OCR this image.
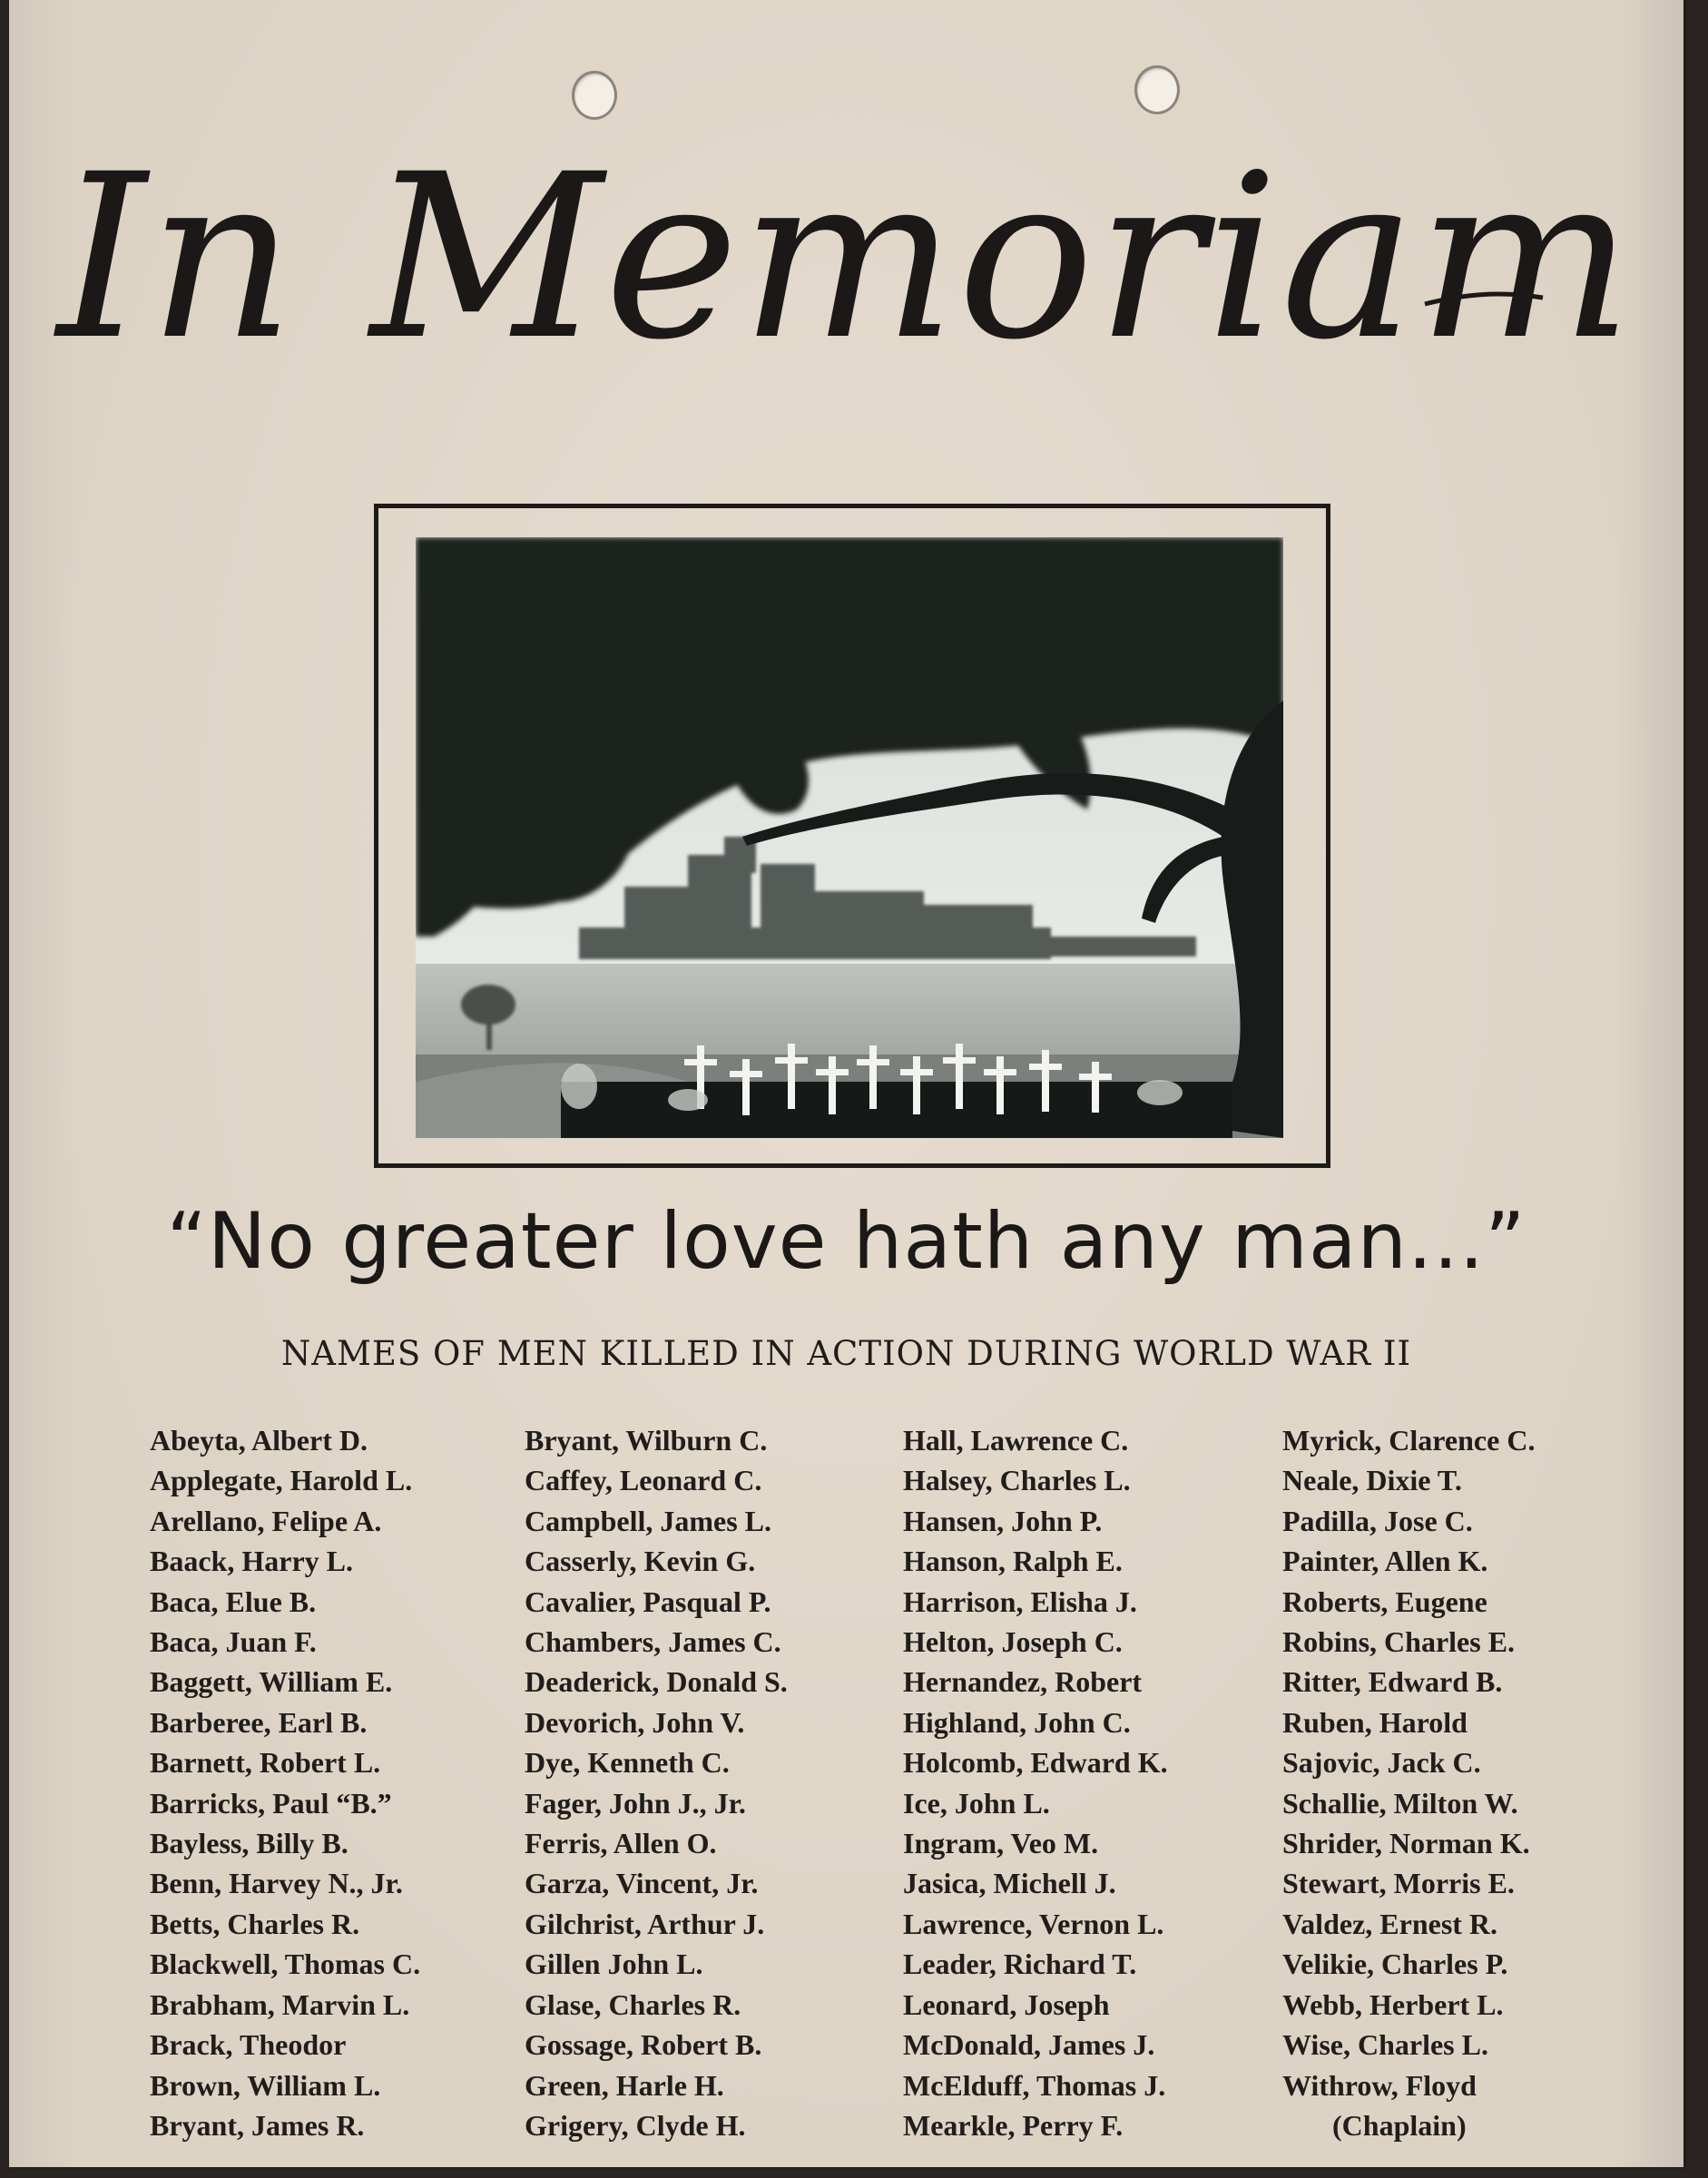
In Memoriam
“No greater love hath any man...”
NAMES OF MEN KILLED IN ACTION DURING WORLD WAR II
Abeyta, Albert D.
Applegate, Harold L.
Arellano, Felipe A.
Baack, Harry L.
Baca, Elue B.
Baca, Juan F.
Baggett, William E.
Barberee, Earl B.
Barnett, Robert L.
Barricks, Paul “B.”
Bayless, Billy B.
Benn, Harvey N., Jr.
Betts, Charles R.
Blackwell, Thomas C.
Brabham, Marvin L.
Brack, Theodor
Brown, William L.
Bryant, James R.
Bryant, Wilburn C.
Caffey, Leonard C.
Campbell, James L.
Casserly, Kevin G.
Cavalier, Pasqual P.
Chambers, James C.
Deaderick, Donald S.
Devorich, John V.
Dye, Kenneth C.
Fager, John J., Jr.
Ferris, Allen O.
Garza, Vincent, Jr.
Gilchrist, Arthur J.
Gillen John L.
Glase, Charles R.
Gossage, Robert B.
Green, Harle H.
Grigery, Clyde H.
Hall, Lawrence C.
Halsey, Charles L.
Hansen, John P.
Hanson, Ralph E.
Harrison, Elisha J.
Helton, Joseph C.
Hernandez, Robert
Highland, John C.
Holcomb, Edward K.
Ice, John L.
Ingram, Veo M.
Jasica, Michell J.
Lawrence, Vernon L.
Leader, Richard T.
Leonard, Joseph
McDonald, James J.
McElduff, Thomas J.
Mearkle, Perry F.
Myrick, Clarence C.
Neale, Dixie T.
Padilla, Jose C.
Painter, Allen K.
Roberts, Eugene
Robins, Charles E.
Ritter, Edward B.
Ruben, Harold
Sajovic, Jack C.
Schallie, Milton W.
Shrider, Norman K.
Stewart, Morris E.
Valdez, Ernest R.
Velikie, Charles P.
Webb, Herbert L.
Wise, Charles L.
Withrow, Floyd
(Chaplain)
